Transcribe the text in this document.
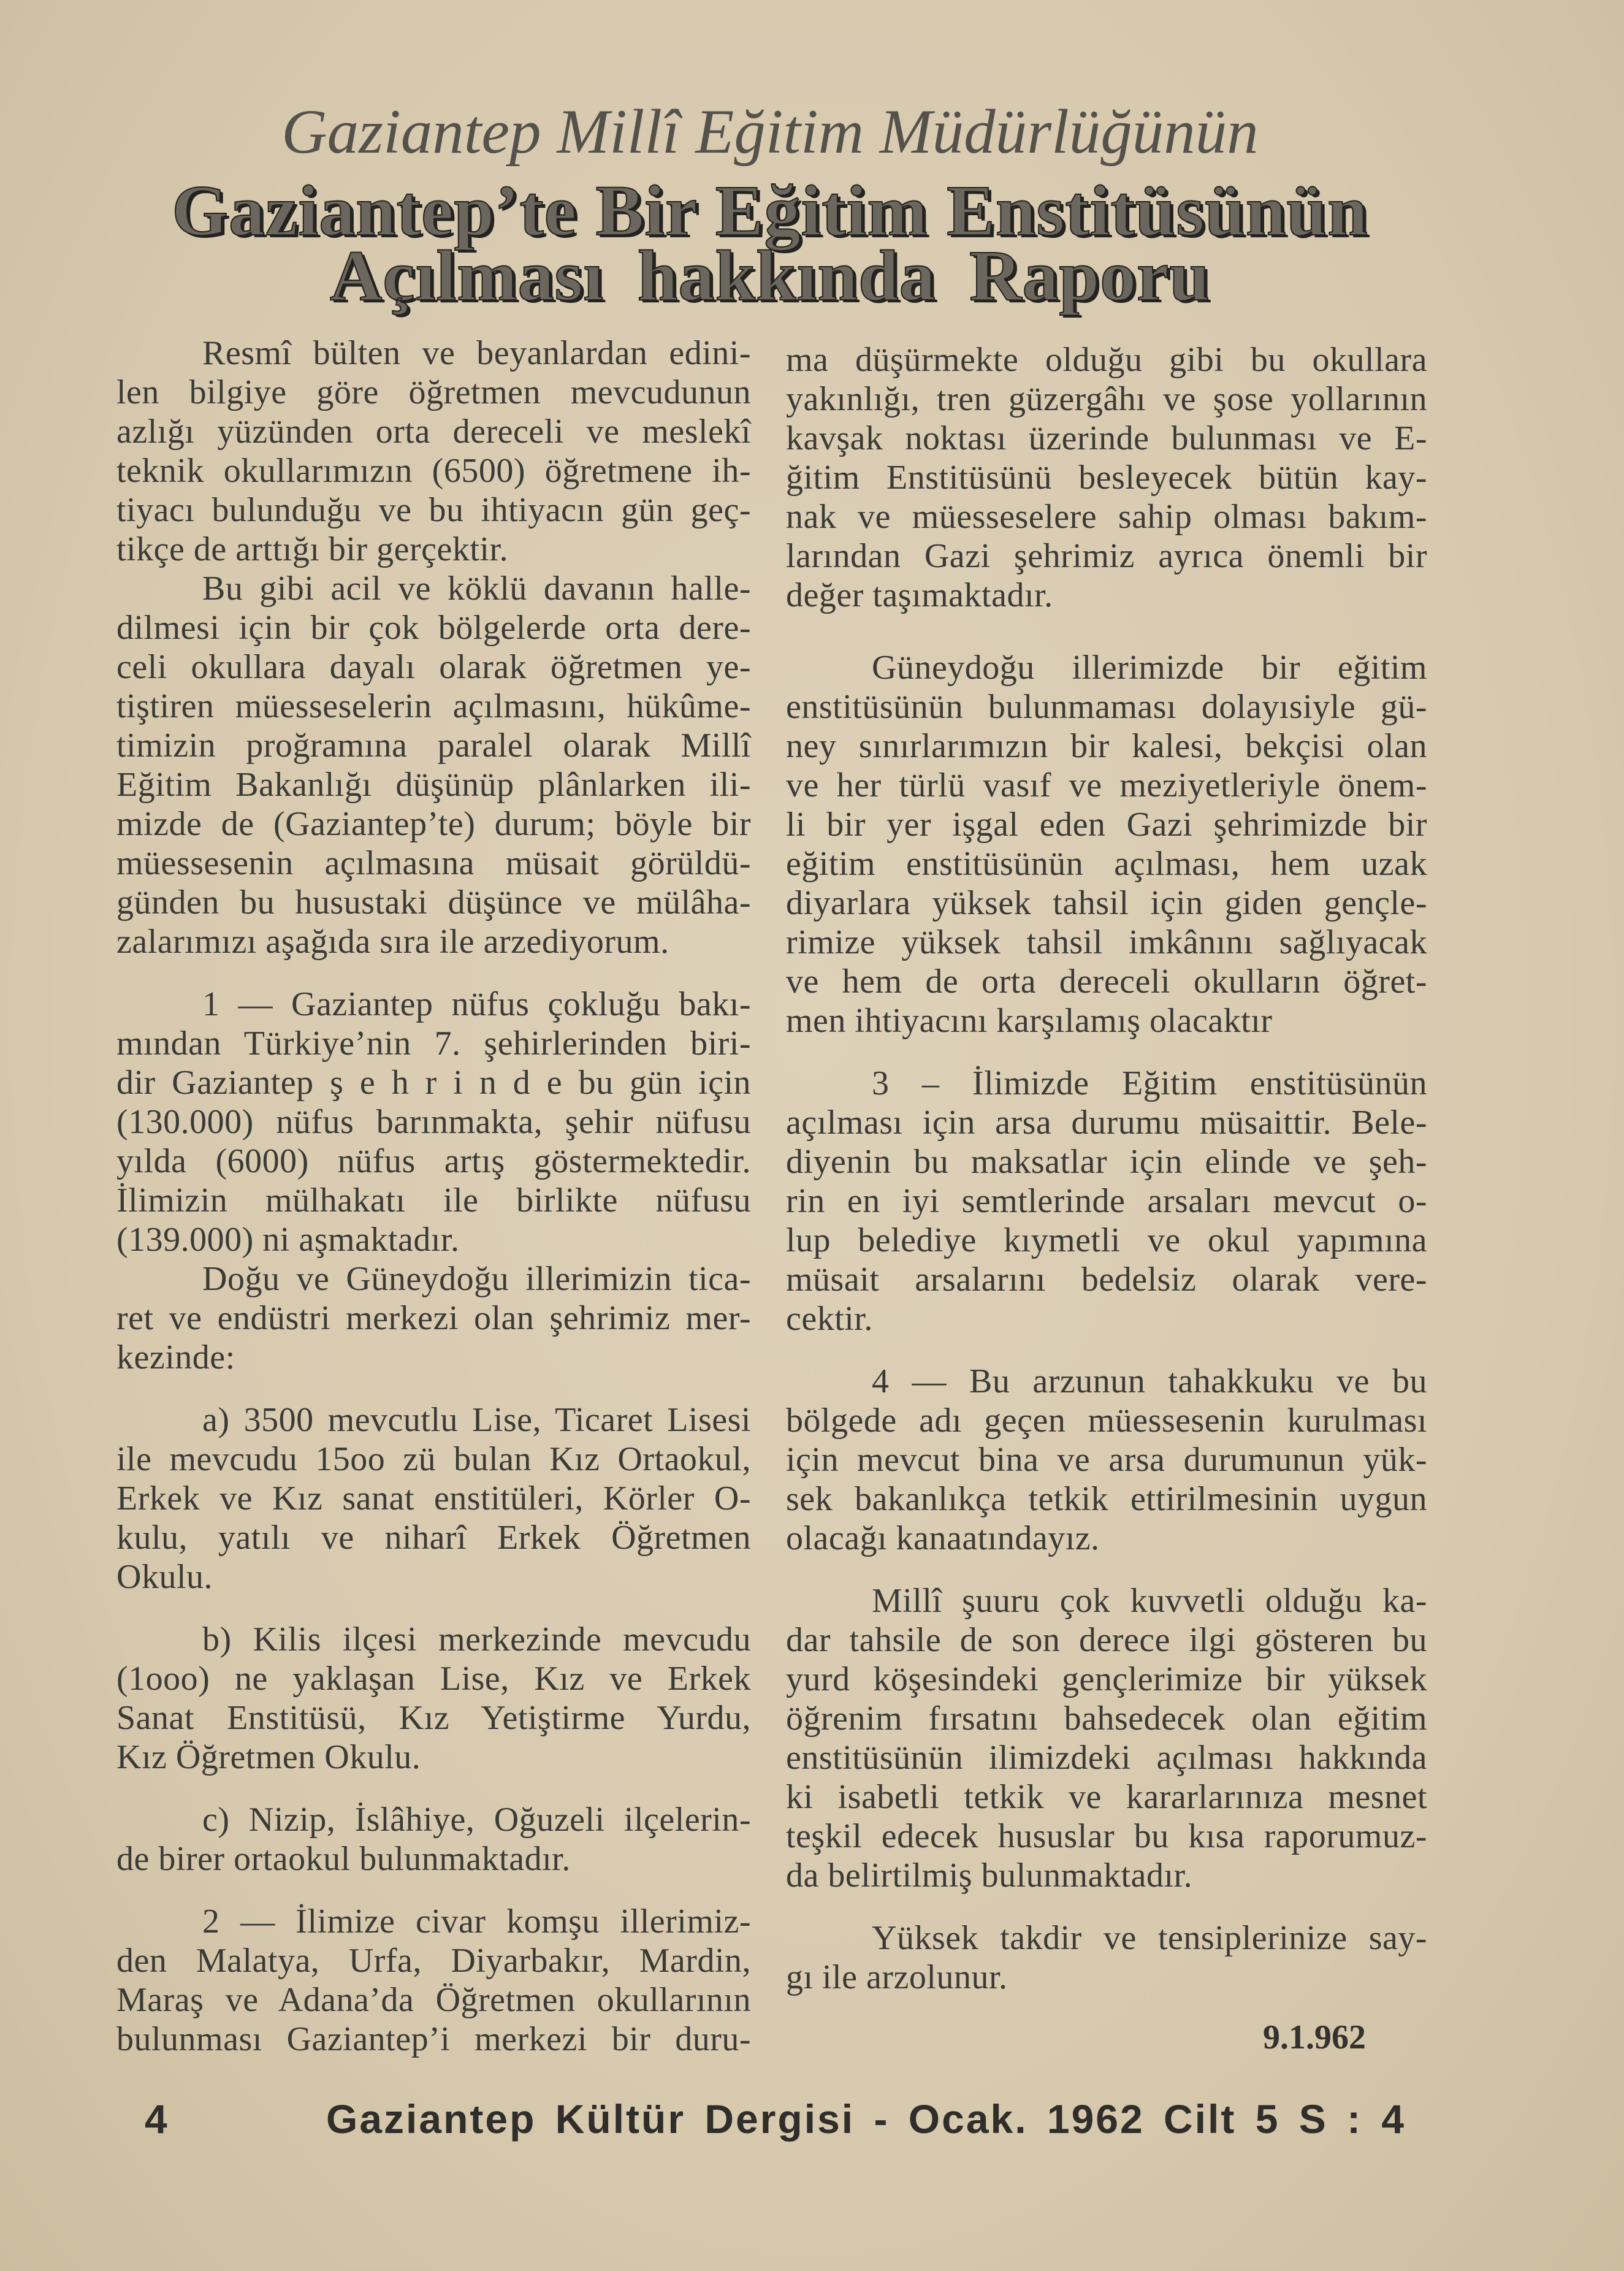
Gaziantep Millî Eğitim Müdürlüğünün
Gaziantep’te Bir Eğitim Enstitüsünün
Açılması hakkında Raporu
Resmî bülten ve beyanlardan edini-
len bilgiye göre öğretmen mevcudunun
azlığı yüzünden orta dereceli ve meslekî
teknik okullarımızın (6500) öğretmene ih-
tiyacı bulunduğu ve bu ihtiyacın gün geç-
tikçe de arttığı bir gerçektir.
Bu gibi acil ve köklü davanın halle-
dilmesi için bir çok bölgelerde orta dere-
celi okullara dayalı olarak öğretmen ye-
tiştiren müesseselerin açılmasını, hükûme-
timizin proğramına paralel olarak Millî
Eğitim Bakanlığı düşünüp plânlarken ili-
mizde de (Gaziantep’te) durum; böyle bir
müessesenin açılmasına müsait görüldü-
günden bu husustaki düşünce ve mülâha-
zalarımızı aşağıda sıra ile arzediyorum.
1 — Gaziantep nüfus çokluğu bakı-
mından Türkiye’nin 7. şehirlerinden biri-
dir Gaziantep ş e h r i n d e bu gün için
(130.000) nüfus barınmakta, şehir nüfusu
yılda (6000) nüfus artış göstermektedir.
İlimizin mülhakatı ile birlikte nüfusu
(139.000) ni aşmaktadır.
Doğu ve Güneydoğu illerimizin tica-
ret ve endüstri merkezi olan şehrimiz mer-
kezinde:
a) 3500 mevcutlu Lise, Ticaret Lisesi
ile mevcudu 15oo zü bulan Kız Ortaokul,
Erkek ve Kız sanat enstitüleri, Körler O-
kulu, yatılı ve niharî Erkek Öğretmen
Okulu.
b) Kilis ilçesi merkezinde mevcudu
(1ooo) ne yaklaşan Lise, Kız ve Erkek
Sanat Enstitüsü, Kız Yetiştirme Yurdu,
Kız Öğretmen Okulu.
c) Nizip, İslâhiye, Oğuzeli ilçelerin-
de birer ortaokul bulunmaktadır.
2 — İlimize civar komşu illerimiz-
den Malatya, Urfa, Diyarbakır, Mardin,
Maraş ve Adana’da Öğretmen okullarının
bulunması Gaziantep’i merkezi bir duru-
ma düşürmekte olduğu gibi bu okullara
yakınlığı, tren güzergâhı ve şose yollarının
kavşak noktası üzerinde bulunması ve E-
ğitim Enstitüsünü besleyecek bütün kay-
nak ve müesseselere sahip olması bakım-
larından Gazi şehrimiz ayrıca önemli bir
değer taşımaktadır.
Güneydoğu illerimizde bir eğitim
enstitüsünün bulunmaması dolayısiyle gü-
ney sınırlarımızın bir kalesi, bekçisi olan
ve her türlü vasıf ve meziyetleriyle önem-
li bir yer işgal eden Gazi şehrimizde bir
eğitim enstitüsünün açılması, hem uzak
diyarlara yüksek tahsil için giden gençle-
rimize yüksek tahsil imkânını sağlıyacak
ve hem de orta dereceli okulların öğret-
men ihtiyacını karşılamış olacaktır
3 – İlimizde Eğitim enstitüsünün
açılması için arsa durumu müsaittir. Bele-
diyenin bu maksatlar için elinde ve şeh-
rin en iyi semtlerinde arsaları mevcut o-
lup belediye kıymetli ve okul yapımına
müsait arsalarını bedelsiz olarak vere-
cektir.
4 — Bu arzunun tahakkuku ve bu
bölgede adı geçen müessesenin kurulması
için mevcut bina ve arsa durumunun yük-
sek bakanlıkça tetkik ettirilmesinin uygun
olacağı kanaatındayız.
Millî şuuru çok kuvvetli olduğu ka-
dar tahsile de son derece ilgi gösteren bu
yurd köşesindeki gençlerimize bir yüksek
öğrenim fırsatını bahsedecek olan eğitim
enstitüsünün ilimizdeki açılması hakkında
ki isabetli tetkik ve kararlarınıza mesnet
teşkil edecek hususlar bu kısa raporumuz-
da belirtilmiş bulunmaktadır.
Yüksek takdir ve tensiplerinize say-
gı ile arzolunur.
9.1.962
4	Gaziantep Kültür Dergisi - Ocak. 1962 Cilt 5 S : 4
